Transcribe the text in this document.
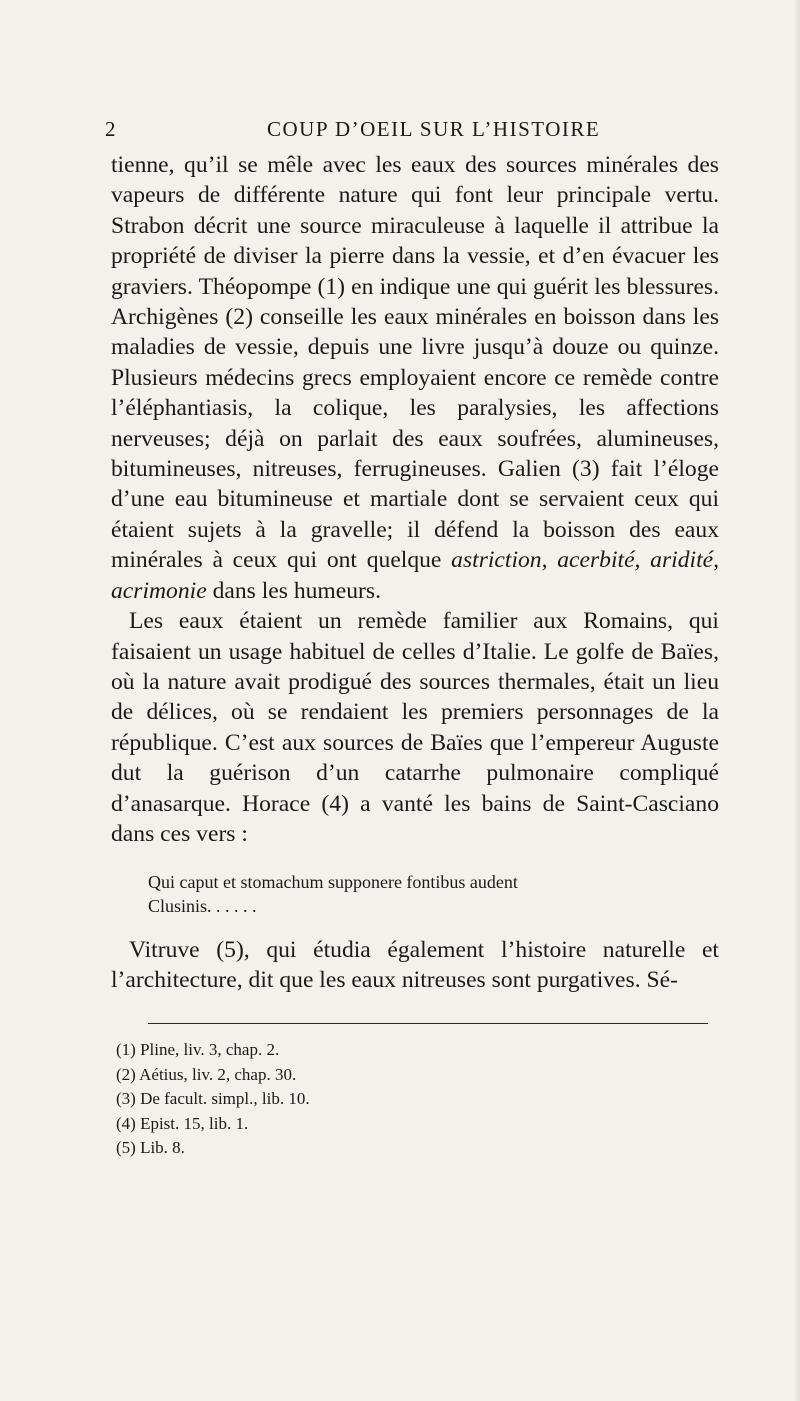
2	COUP D’OEIL SUR L’HISTOIRE

tienne, qu’il se mêle avec les eaux des sources minérales des vapeurs de différente nature qui font leur principale vertu. Strabon décrit une source miraculeuse à laquelle il attribue la propriété de diviser la pierre dans la vessie, et d’en évacuer les graviers. Théopompe (1) en indique une qui guérit les blessures. Archigènes (2) conseille les eaux minérales en boisson dans les maladies de vessie, depuis une livre jusqu’à douze ou quinze. Plusieurs médecins grecs employaient encore ce remède contre l’éléphantiasis, la colique, les paralysies, les affections nerveuses; déjà on parlait des eaux soufrées, alumineuses, bitumineuses, nitreuses, ferrugineuses. Galien (3) fait l’éloge d’une eau bitumineuse et martiale dont se servaient ceux qui étaient sujets à la gravelle; il défend la boisson des eaux minérales à ceux qui ont quelque astriction, acerbité, aridité, acrimonie dans les humeurs.

Les eaux étaient un remède familier aux Romains, qui faisaient un usage habituel de celles d’Italie. Le golfe de Baïes, où la nature avait prodigué des sources thermales, était un lieu de délices, où se rendaient les premiers personnages de la république. C’est aux sources de Baïes que l’empereur Auguste dut la guérison d’un catarrhe pulmonaire compliqué d’anasarque. Horace (4) a vanté les bains de Saint-Casciano dans ces vers :

Qui caput et stomachum supponere fontibus audent
Clusinis. . . . . .

Vitruve (5), qui étudia également l’histoire naturelle et l’architecture, dit que les eaux nitreuses sont purgatives. Sé-

(1) Pline, liv. 3, chap. 2.
(2) Aétius, liv. 2, chap. 30.
(3) De facult. simpl., lib. 10.
(4) Epist. 15, lib. 1.
(5) Lib. 8.
